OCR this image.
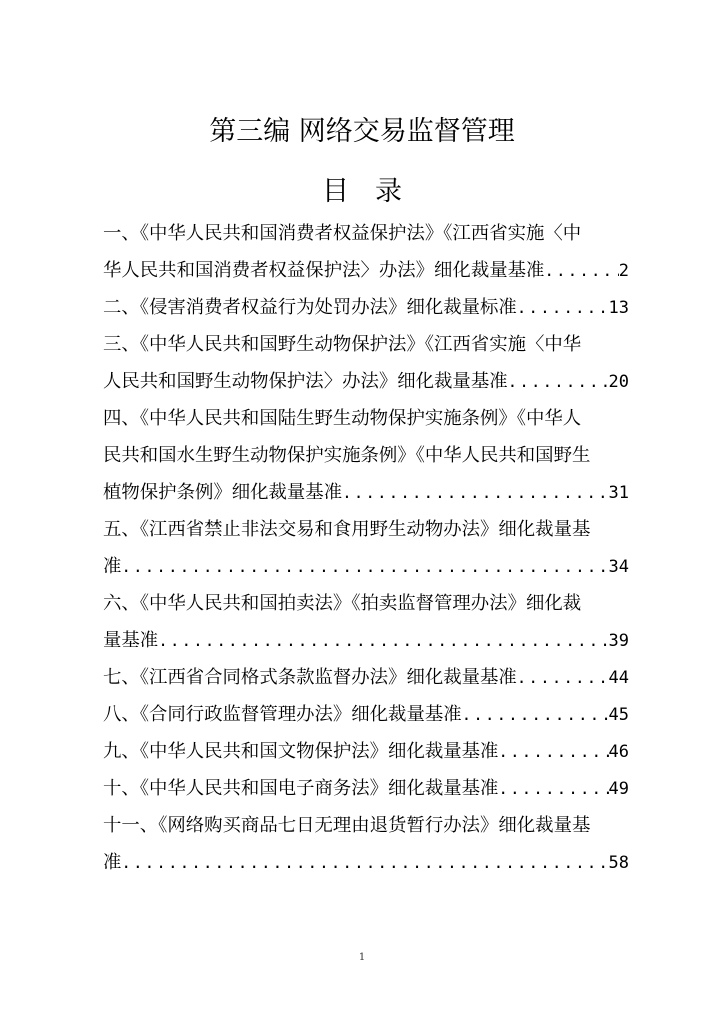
第三编 网络交易监督管理
目录
一、《中华人民共和国消费者权益保护法》《江西省实施〈中
华人民共和国消费者权益保护法〉办法》细化裁量基准 .....	2
二、《侵害消费者权益行为处罚办法》细化裁量标准 .....	13
三、《中华人民共和国野生动物保护法》《江西省实施〈中华
人民共和国野生动物保护法〉办法》细化裁量基准 .....	20
四、《中华人民共和国陆生野生动物保护实施条例》《中华人
民共和国水生野生动物保护实施条例》《中华人民共和国野生
植物保护条例》细化裁量基准 .....	31
五、《江西省禁止非法交易和食用野生动物办法》细化裁量基
准 .....	34
六、《中华人民共和国拍卖法》《拍卖监督管理办法》细化裁
量基准 .....	39
七、《江西省合同格式条款监督办法》细化裁量基准 .....	44
八、《合同行政监督管理办法》细化裁量基准 .....	45
九、《中华人民共和国文物保护法》细化裁量基准 .....	46
十、《中华人民共和国电子商务法》细化裁量基准 .....	49
十一、《网络购买商品七日无理由退货暂行办法》细化裁量基
准 .....	58
1
